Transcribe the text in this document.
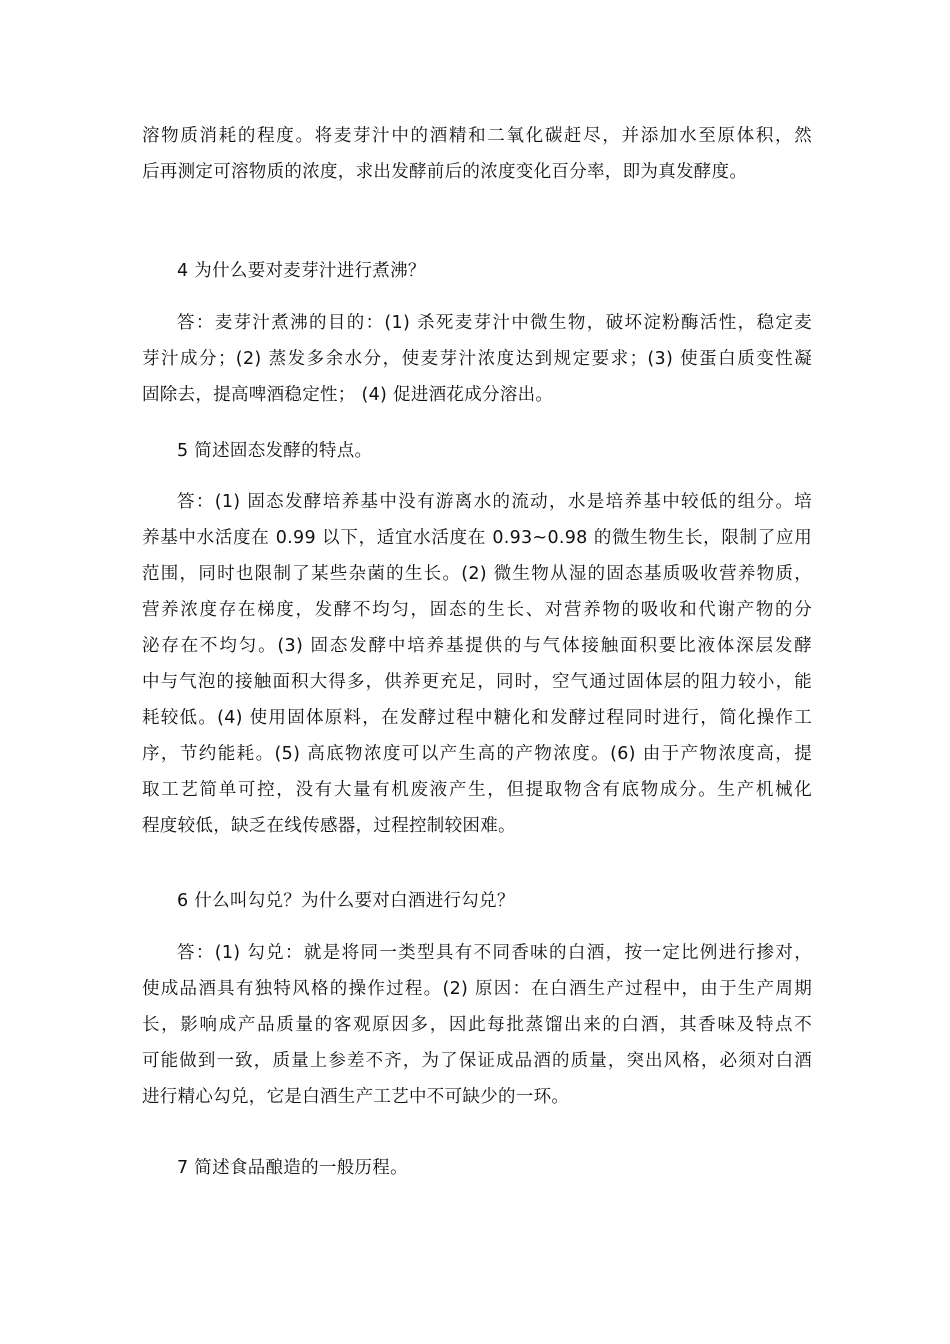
溶物质消耗的程度。将麦芽汁中的酒精和二氧化碳赶尽，并添加水至原体积，然
后再测定可溶物质的浓度，求出发酵前后的浓度变化百分率，即为真发酵度。

4 为什么要对麦芽汁进行煮沸？

答：麦芽汁煮沸的目的：(1) 杀死麦芽汁中微生物，破坏淀粉酶活性，稳定麦
芽汁成分；(2) 蒸发多余水分，使麦芽汁浓度达到规定要求；(3) 使蛋白质变性凝
固除去，提高啤酒稳定性； (4) 促进酒花成分溶出。

5 简述固态发酵的特点。

答：(1) 固态发酵培养基中没有游离水的流动，水是培养基中较低的组分。培
养基中水活度在 0.99 以下，适宜水活度在 0.93~0.98 的微生物生长，限制了应用
范围，同时也限制了某些杂菌的生长。(2) 微生物从湿的固态基质吸收营养物质，
营养浓度存在梯度，发酵不均匀，固态的生长、对营养物的吸收和代谢产物的分
泌存在不均匀。(3) 固态发酵中培养基提供的与气体接触面积要比液体深层发酵
中与气泡的接触面积大得多，供养更充足，同时，空气通过固体层的阻力较小，能
耗较低。(4) 使用固体原料，在发酵过程中糖化和发酵过程同时进行，简化操作工
序，节约能耗。(5) 高底物浓度可以产生高的产物浓度。(6) 由于产物浓度高，提
取工艺简单可控，没有大量有机废液产生，但提取物含有底物成分。生产机械化
程度较低，缺乏在线传感器，过程控制较困难。

6 什么叫勾兑？为什么要对白酒进行勾兑？

答：(1) 勾兑：就是将同一类型具有不同香味的白酒，按一定比例进行掺对，
使成品酒具有独特风格的操作过程。(2) 原因：在白酒生产过程中，由于生产周期
长，影响成产品质量的客观原因多，因此每批蒸馏出来的白酒，其香味及特点不
可能做到一致，质量上参差不齐，为了保证成品酒的质量，突出风格，必须对白酒
进行精心勾兑，它是白酒生产工艺中不可缺少的一环。

7 简述食品酿造的一般历程。
